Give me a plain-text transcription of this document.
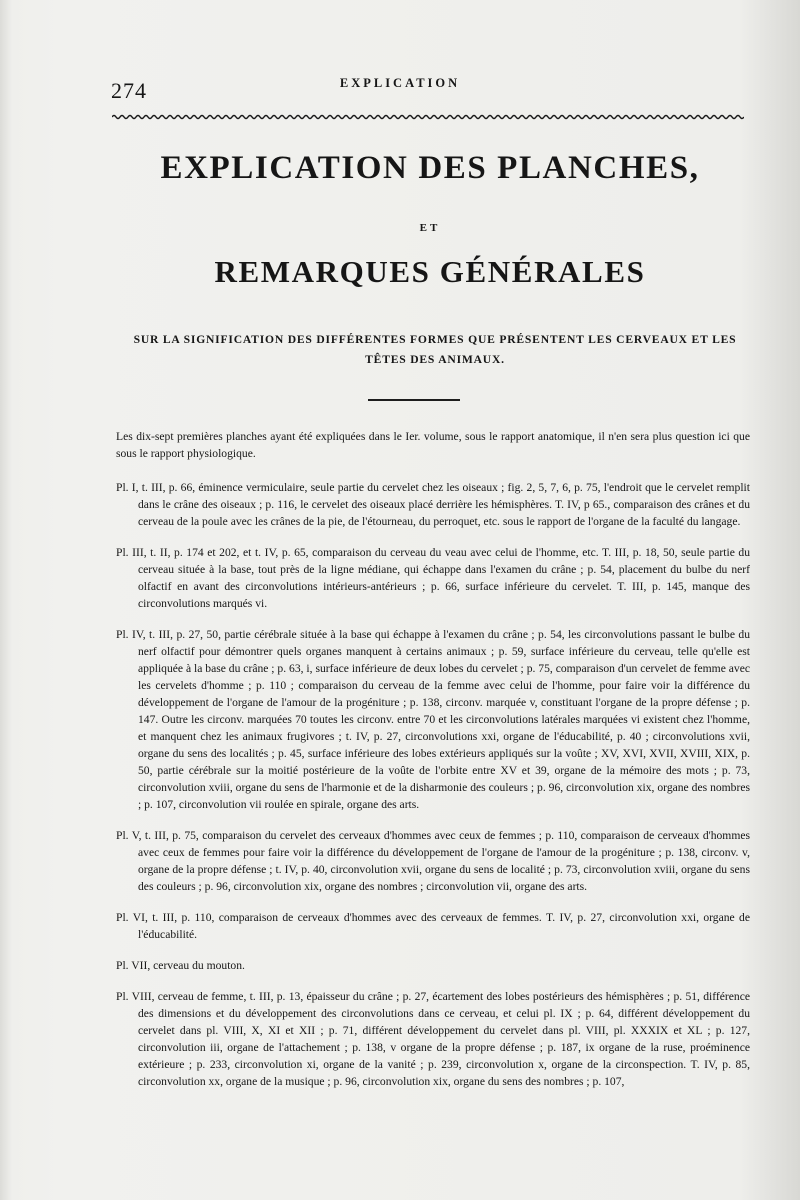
274	EXPLICATION
EXPLICATION DES PLANCHES,
ET
REMARQUES GÉNÉRALES
SUR LA SIGNIFICATION DES DIFFÉRENTES FORMES QUE PRÉSENTENT LES CERVEAUX ET LES TÊTES DES ANIMAUX.

Les dix-sept premières planches ayant été expliquées dans le Ier. volume, sous le rapport anatomique, il n'en sera plus question ici que sous le rapport physiologique.

Pl. I, t. III, p. 66, éminence vermiculaire, seule partie du cervelet chez les oiseaux ; fig. 2, 5, 7, 6, p. 75, l'endroit que le cervelet remplit dans le crâne des oiseaux ; p. 116, le cervelet des oiseaux placé derrière les hémisphères. T. IV, p 65., comparaison des crânes et du cerveau de la poule avec les crânes de la pie, de l'étourneau, du perroquet, etc. sous le rapport de l'organe de la faculté du langage.

Pl. III, t. II, p. 174 et 202, et t. IV, p. 65, comparaison du cerveau du veau avec celui de l'homme, etc. T. III, p. 18, 50, seule partie du cerveau située à la base, tout près de la ligne médiane, qui échappe dans l'examen du crâne ; p. 54, placement du bulbe du nerf olfactif en avant des circonvolutions intérieurs-antérieurs ; p. 66, surface inférieure du cervelet. T. III, p. 145, manque des circonvolutions marqués vi.

Pl. IV, t. III, p. 27, 50, partie cérébrale située à la base qui échappe à l'examen du crâne ; p. 54, les circonvolutions passant le bulbe du nerf olfactif pour démontrer quels organes manquent à certains animaux ; p. 59, surface inférieure du cerveau, telle qu'elle est appliquée à la base du crâne ; p. 63, i, surface inférieure de deux lobes du cervelet ; p. 75, comparaison d'un cervelet de femme avec les cervelets d'homme ; p. 110 ; comparaison du cerveau de la femme avec celui de l'homme, pour faire voir la différence du développement de l'organe de l'amour de la progéniture ; p. 138, circonv. marquée v, constituant l'organe de la propre défense ; p. 147. Outre les circonv. marquées 70 toutes les circonv. entre 70 et les circonvolutions latérales marquées vi existent chez l'homme, et manquent chez les animaux frugivores ; t. IV, p. 27, circonvolutions xxi, organe de l'éducabilité, p. 40 ; circonvolutions xvii, organe du sens des localités ; p. 45, surface inférieure des lobes extérieurs appliqués sur la voûte ; XV, XVI, XVII, XVIII, XIX, p. 50, partie cérébrale sur la moitié postérieure de la voûte de l'orbite entre XV et 39, organe de la mémoire des mots ; p. 73, circonvolution xviii, organe du sens de l'harmonie et de la disharmonie des couleurs ; p. 96, circonvolution xix, organe des nombres ; p. 107, circonvolution vii roulée en spirale, organe des arts.

Pl. V, t. III, p. 75, comparaison du cervelet des cerveaux d'hommes avec ceux de femmes ; p. 110, comparaison de cerveaux d'hommes avec ceux de femmes pour faire voir la différence du développement de l'organe de l'amour de la progéniture ; p. 138, circonv. v, organe de la propre défense ; t. IV, p. 40, circonvolution xvii, organe du sens de localité ; p. 73, circonvolution xviii, organe du sens des couleurs ; p. 96, circonvolution xix, organe des nombres ; circonvolution vii, organe des arts.

Pl. VI, t. III, p. 110, comparaison de cerveaux d'hommes avec des cerveaux de femmes. T. IV, p. 27, circonvolution xxi, organe de l'éducabilité.

Pl. VII, cerveau du mouton.

Pl. VIII, cerveau de femme, t. III, p. 13, épaisseur du crâne ; p. 27, écartement des lobes postérieurs des hémisphères ; p. 51, différence des dimensions et du développement des circonvolutions dans ce cerveau, et celui pl. IX ; p. 64, différent développement du cervelet dans pl. VIII, X, XI et XII ; p. 71, différent développement du cervelet dans pl. VIII, pl. XXXIX et XL ; p. 127, circonvolution iii, organe de l'attachement ; p. 138, v organe de la propre défense ; p. 187, ix organe de la ruse, proéminence extérieure ; p. 233, circonvolution xi, organe de la vanité ; p. 239, circonvolution x, organe de la circonspection. T. IV, p. 85, circonvolution xx, organe de la musique ; p. 96, circonvolution xix, organe du sens des nombres ; p. 107,
